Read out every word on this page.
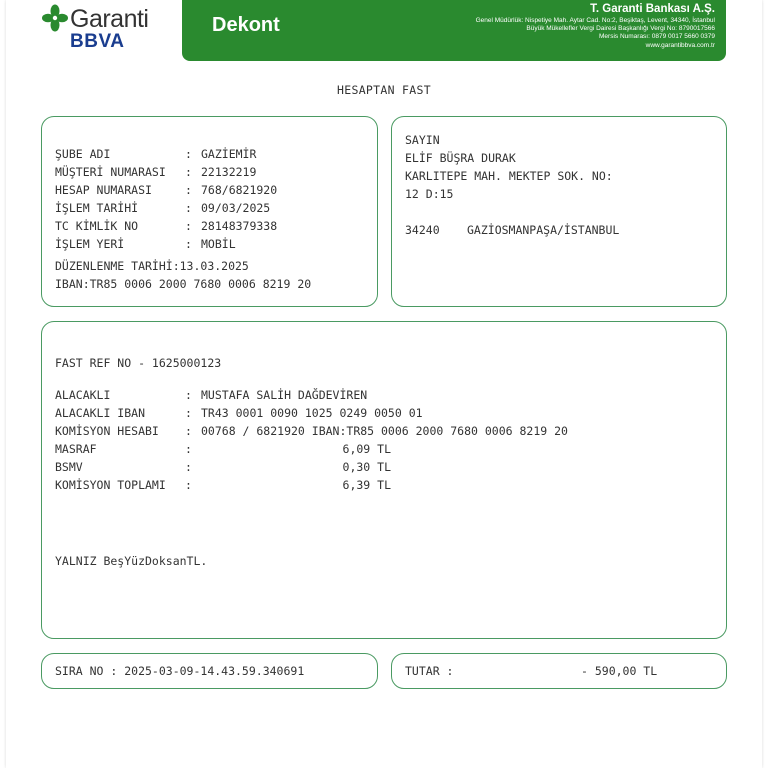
Garanti
BBVA
Dekont
T. Garanti Bankası A.Ş.
Genel Müdürlük: Nispetiye Mah. Aytar Cad. No:2, Beşiktaş, Levent, 34340, İstanbul
Büyük Mükellefler Vergi Dairesi Başkanlığı Vergi No: 8790017566
Mersis Numarası: 0879 0017 5660 0379
www.garantibbva.com.tr
HESAPTAN FAST

ŞUBE ADI	: GAZİEMİR

MÜŞTERİ NUMARASI : 22132219

HESAP NUMARASI	: 768/6821920

İŞLEM TARİHİ	: 09/03/2025

TC KİMLİK NO	: 28148379338

İŞLEM YERİ	: MOBİL

DÜZENLENME TARİHİ:13.03.2025
IBAN:TR85 0006 2000 7680 0006 8219 20
SAYIN
ELİF BÜŞRA DURAK
KARLITEPE MAH. MEKTEP SOK. NO:
12 D:15
34240 GAZİOSMANPAŞA/İSTANBUL
FAST REF NO - 1625000123

ALACAKLI	: MUSTAFA SALİH DAĞDEVİREN

ALACAKLI IBAN	: TR43 0001 0090 1025 0249 0050 01

KOMİSYON HESABI : 00768 / 6821920 IBAN:TR85 0006 2000 7680 0006 8219 20

MASRAF	:	6,09 TL

BSMV	:	0,30 TL

KOMİSYON TOPLAMI :	6,39 TL

YALNIZ BeşYüzDoksanTL.
SIRA NO : 2025-03-09-14.43.59.340691	TUTAR :	- 590,00 TL
